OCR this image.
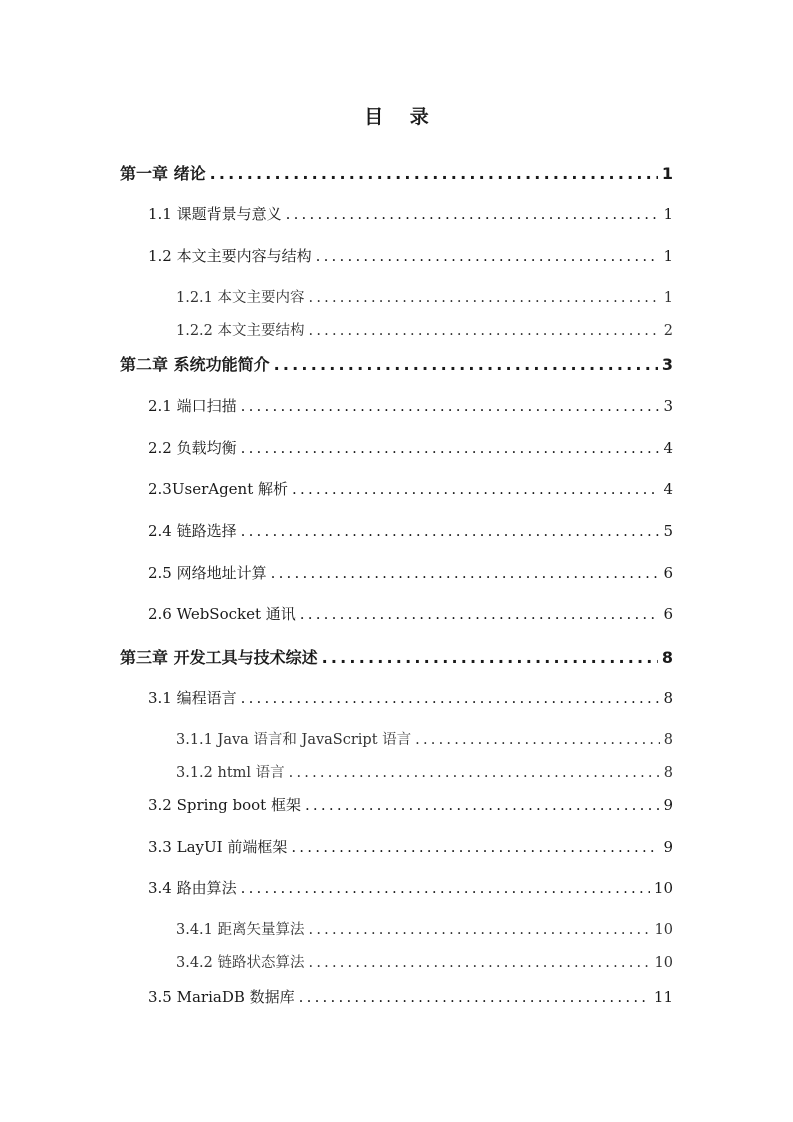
目 录
第一章 绪论 .....	1
1.1 课题背景与意义 .....	1
1.2 本文主要内容与结构 .....	1
1.2.1 本文主要内容 .....	1
1.2.2 本文主要结构 .....	2
第二章 系统功能简介 .....	3
2.1 端口扫描 .....	3
2.2 负载均衡 .....	4
2.3UserAgent 解析 .....	4
2.4 链路选择 .....	5
2.5 网络地址计算 .....	6
2.6 WebSocket 通讯 .....	6
第三章 开发工具与技术综述 .....	8
3.1 编程语言 .....	8
3.1.1 Java 语言和 JavaScript 语言 .....	8
3.1.2 html 语言 .....	8
3.2 Spring boot 框架 .....	9
3.3 LayUI 前端框架 .....	9
3.4 路由算法 .....	10
3.4.1 距离矢量算法 .....	10
3.4.2 链路状态算法 .....	10
3.5 MariaDB 数据库 .....	11
